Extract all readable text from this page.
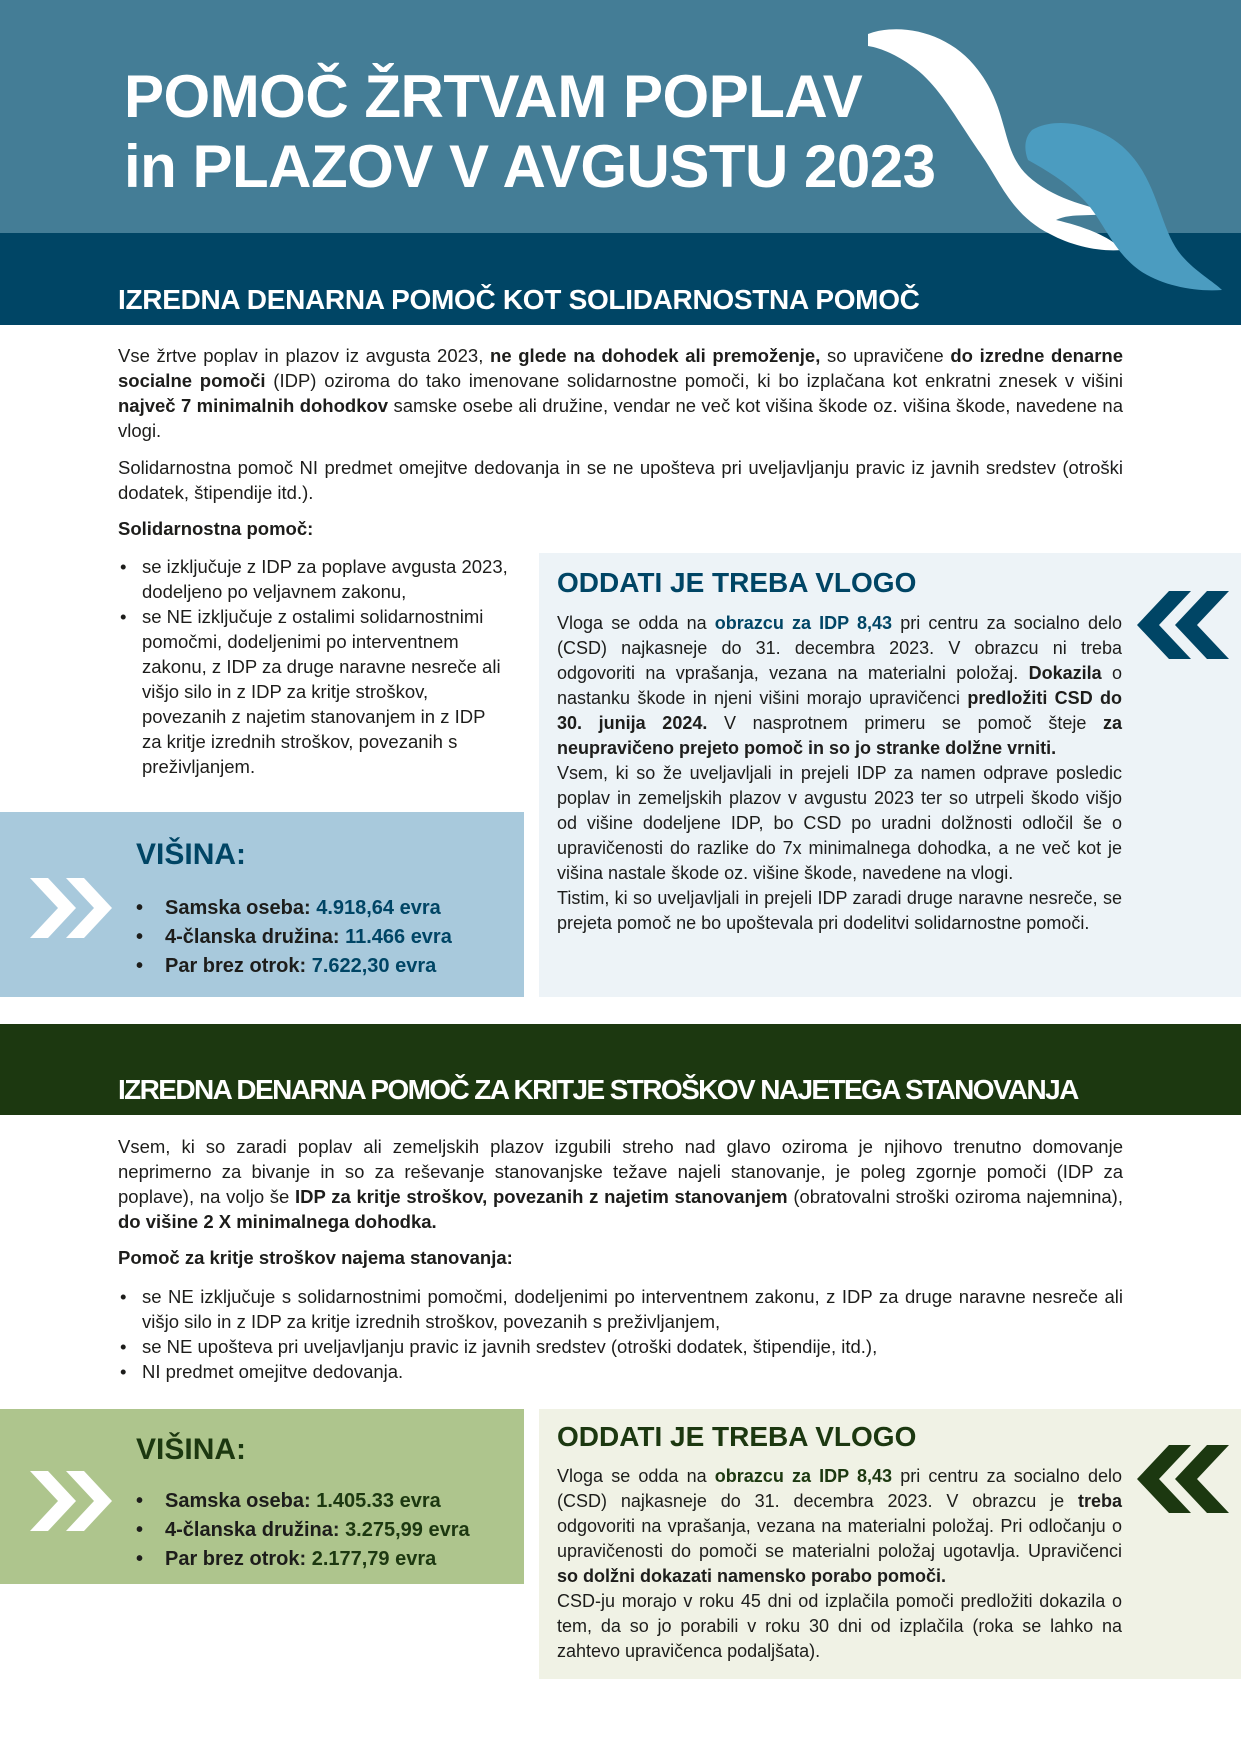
POMOČ ŽRTVAM POPLAV
in PLAZOV V AVGUSTU 2023
IZREDNA DENARNA POMOČ KOT SOLIDARNOSTNA POMOČ
Vse žrtve poplav in plazov iz avgusta 2023, ne glede na dohodek ali premoženje, so upravičene do izredne denarne socialne pomoči (IDP) oziroma do tako imenovane solidarnostne pomoči, ki bo izplačana kot enkratni znesek v višini največ 7 minimalnih dohodkov samske osebe ali družine, vendar ne več kot višina škode oz. višina škode, navedene na vlogi.
Solidarnostna pomoč NI predmet omejitve dedovanja in se ne upošteva pri uveljavljanju pravic iz javnih sredstev (otroški dodatek, štipendije itd.).
Solidarnostna pomoč:
• se izključuje z IDP za poplave avgusta 2023, dodeljeno po veljavnem zakonu,
• se NE izključuje z ostalimi solidarnostnimi pomočmi, dodeljenimi po interventnem zakonu, z IDP za druge naravne nesreče ali višjo silo in z IDP za kritje stroškov, povezanih z najetim stanovanjem in z IDP za kritje izrednih stroškov, povezanih s preživljanjem.
VIŠINA:
• Samska oseba: 4.918,64 evra
• 4-članska družina: 11.466 evra
• Par brez otrok: 7.622,30 evra
ODDATI JE TREBA VLOGO
Vloga se odda na obrazcu za IDP 8,43 pri centru za socialno delo (CSD) najkasneje do 31. decembra 2023. V obrazcu ni treba odgovoriti na vprašanja, vezana na materialni položaj. Dokazila o nastanku škode in njeni višini morajo upravičenci predložiti CSD do 30. junija 2024. V nasprotnem primeru se pomoč šteje za neupravičeno prejeto pomoč in so jo stranke dolžne vrniti.
Vsem, ki so že uveljavljali in prejeli IDP za namen odprave posledic poplav in zemeljskih plazov v avgustu 2023 ter so utrpeli škodo višjo od višine dodeljene IDP, bo CSD po uradni dolžnosti odločil še o upravičenosti do razlike do 7x minimalnega dohodka, a ne več kot je višina nastale škode oz. višine škode, navedene na vlogi.
Tistim, ki so uveljavljali in prejeli IDP zaradi druge naravne nesreče, se prejeta pomoč ne bo upoštevala pri dodelitvi solidarnostne pomoči.
IZREDNA DENARNA POMOČ ZA KRITJE STROŠKOV NAJETEGA STANOVANJA
Vsem, ki so zaradi poplav ali zemeljskih plazov izgubili streho nad glavo oziroma je njihovo trenutno domovanje neprimerno za bivanje in so za reševanje stanovanjske težave najeli stanovanje, je poleg zgornje pomoči (IDP za poplave), na voljo še IDP za kritje stroškov, povezanih z najetim stanovanjem (obratovalni stroški oziroma najemnina), do višine 2 X minimalnega dohodka.
Pomoč za kritje stroškov najema stanovanja:
• se NE izključuje s solidarnostnimi pomočmi, dodeljenimi po interventnem zakonu, z IDP za druge naravne nesreče ali višjo silo in z IDP za kritje izrednih stroškov, povezanih s preživljanjem,
• se NE upošteva pri uveljavljanju pravic iz javnih sredstev (otroški dodatek, štipendije, itd.),
• NI predmet omejitve dedovanja.
VIŠINA:
• Samska oseba: 1.405.33 evra
• 4-članska družina: 3.275,99 evra
• Par brez otrok: 2.177,79 evra
ODDATI JE TREBA VLOGO
Vloga se odda na obrazcu za IDP 8,43 pri centru za socialno delo (CSD) najkasneje do 31. decembra 2023. V obrazcu je treba odgovoriti na vprašanja, vezana na materialni položaj. Pri odločanju o upravičenosti do pomoči se materialni položaj ugotavlja. Upravičenci so dolžni dokazati namensko porabo pomoči.
CSD-ju morajo v roku 45 dni od izplačila pomoči predložiti dokazila o tem, da so jo porabili v roku 30 dni od izplačila (roka se lahko na zahtevo upravičenca podaljšata).
